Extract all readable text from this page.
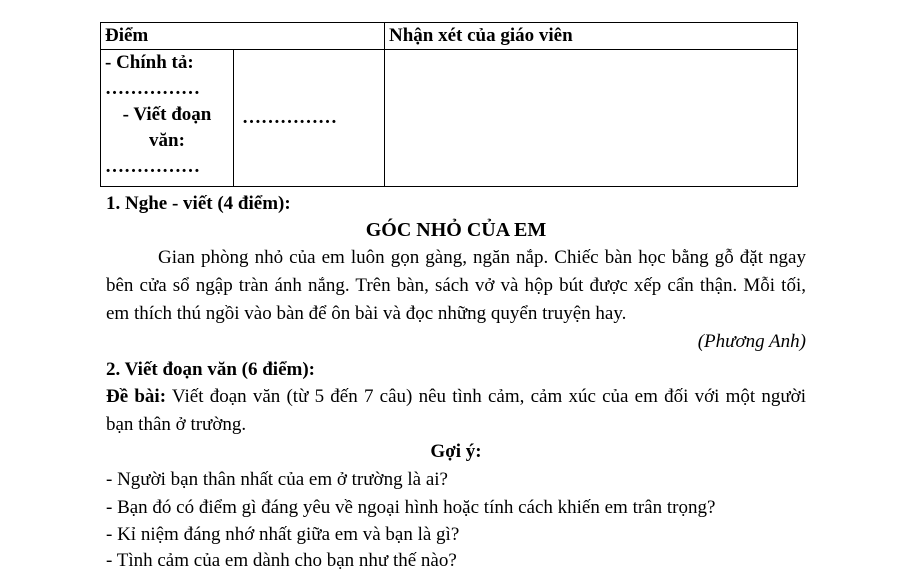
Điểm		Nhận xét của giáo viên

- Chính tả:
……………
- Viết đoạn
văn:
……………	……………	

1. Nghe - viết (4 điểm):

GÓC NHỎ CỦA EM

Gian phòng nhỏ của em luôn gọn gàng, ngăn nắp. Chiếc bàn học bằng gỗ đặt ngay bên cửa sổ ngập tràn ánh nắng. Trên bàn, sách vở và hộp bút được xếp cẩn thận. Mỗi tối, em thích thú ngồi vào bàn để ôn bài và đọc những quyển truyện hay.

(Phương Anh)

2. Viết đoạn văn (6 điểm):

Đề bài: Viết đoạn văn (từ 5 đến 7 câu) nêu tình cảm, cảm xúc của em đối với một người bạn thân ở trường.

Gợi ý:

- Người bạn thân nhất của em ở trường là ai?

- Bạn đó có điểm gì đáng yêu về ngoại hình hoặc tính cách khiến em trân trọng?

- Kỉ niệm đáng nhớ nhất giữa em và bạn là gì?

- Tình cảm của em dành cho bạn như thế nào?
